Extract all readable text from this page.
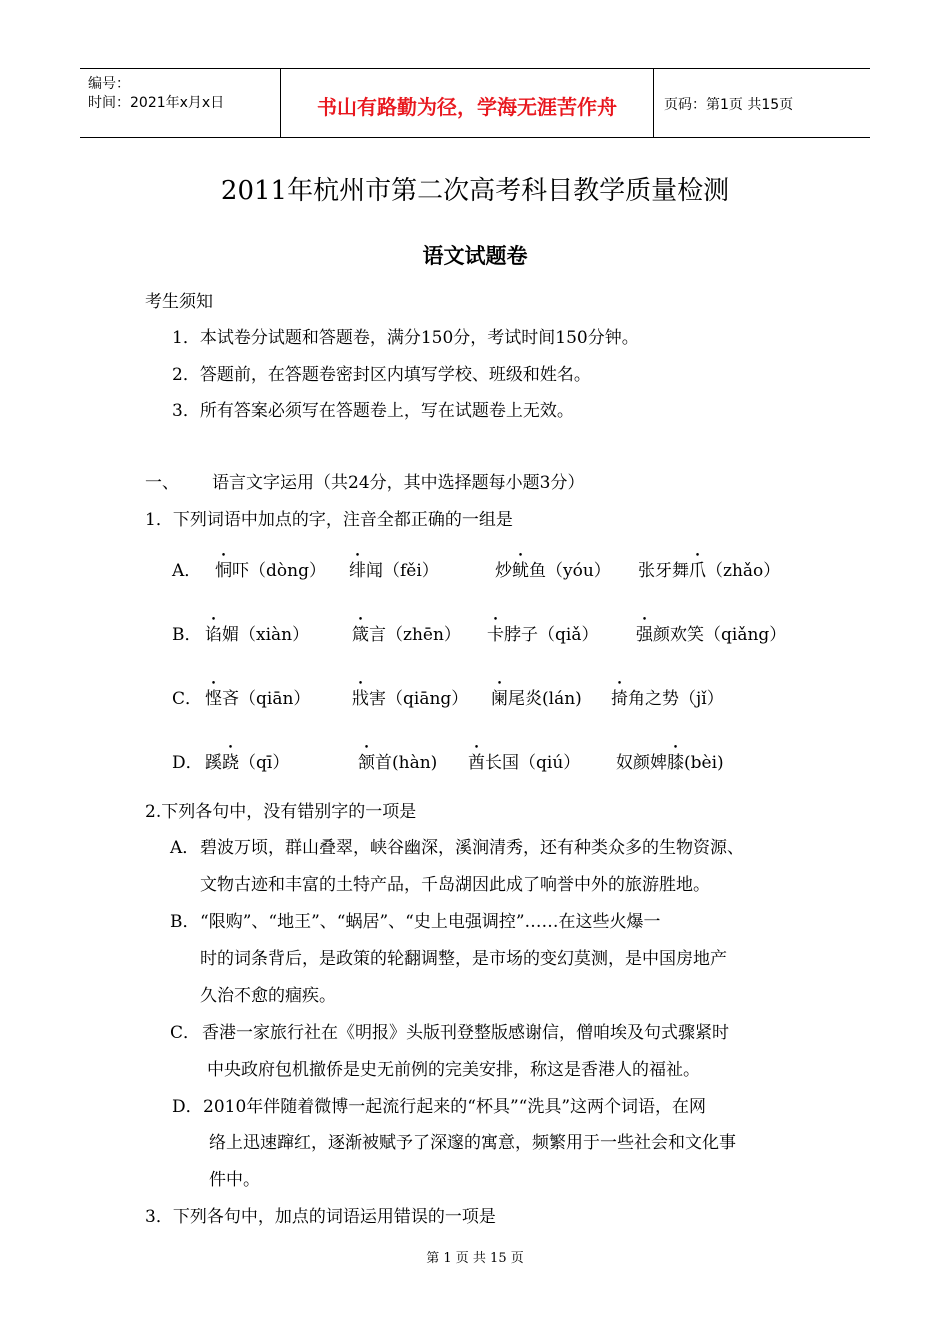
编号：
时间：2021年x月x日	书山有路勤为径，学海无涯苦作舟	页码：第1页 共15页
2011年杭州市第二次高考科目教学质量检测
语文试题卷
考生须知
1．本试卷分试题和答题卷，满分150分，考试时间150分钟。
2．答题前，在答题卷密封区内填写学校、班级和姓名。
3．所有答案必须写在答题卷上，写在试题卷上无效。
一、 语言文字运用（共24分，其中选择题每小题3分）
1．下列词语中加点的字，注音全都正确的一组是
A．
•
恫吓（dòng）
•
绯闻（fěi）
•
炒鱿鱼（yóu）
•
张牙舞爪（zhǎo）
B．
•
谄媚（xiàn）
•
箴言（zhēn）
•
卡脖子（qiǎ）
•
强颜欢笑（qiǎng）
C．
•
悭吝（qiān）
•
戕害（qiāng）
•
阑尾炎(lán)
•
掎角之势（jǐ）
D．
•
蹊跷（qī）
•
颔首(hàn)
•
酋长国（qiú）
•
奴颜婢膝(bèi)
2.下列各句中，没有错别字的一项是
A． 碧波万顷，群山叠翠，峡谷幽深，溪涧清秀，还有种类众多的生物资源、
文物古迹和丰富的土特产品，千岛湖因此成了响誉中外的旅游胜地。
B． “限购”、“地王”、“蜗居”、“史上电强调控”……在这些火爆一
时的词条背后，是政策的轮翻调整，是市场的变幻莫测，是中国房地产
久治不愈的痼疾。
C． 香港一家旅行社在《明报》头版刊登整版感谢信，僧咱埃及句式骤紧时
中央政府包机撤侨是史无前例的完美安排，称这是香港人的福祉。
D． 2010年伴随着微博一起流行起来的“杯具”“洗具”这两个词语，在网
络上迅速蹿红，逐渐被赋予了深邃的寓意，频繁用于一些社会和文化事
件中。
3．下列各句中，加点的词语运用错误的一项是
第 1 页 共 15 页
